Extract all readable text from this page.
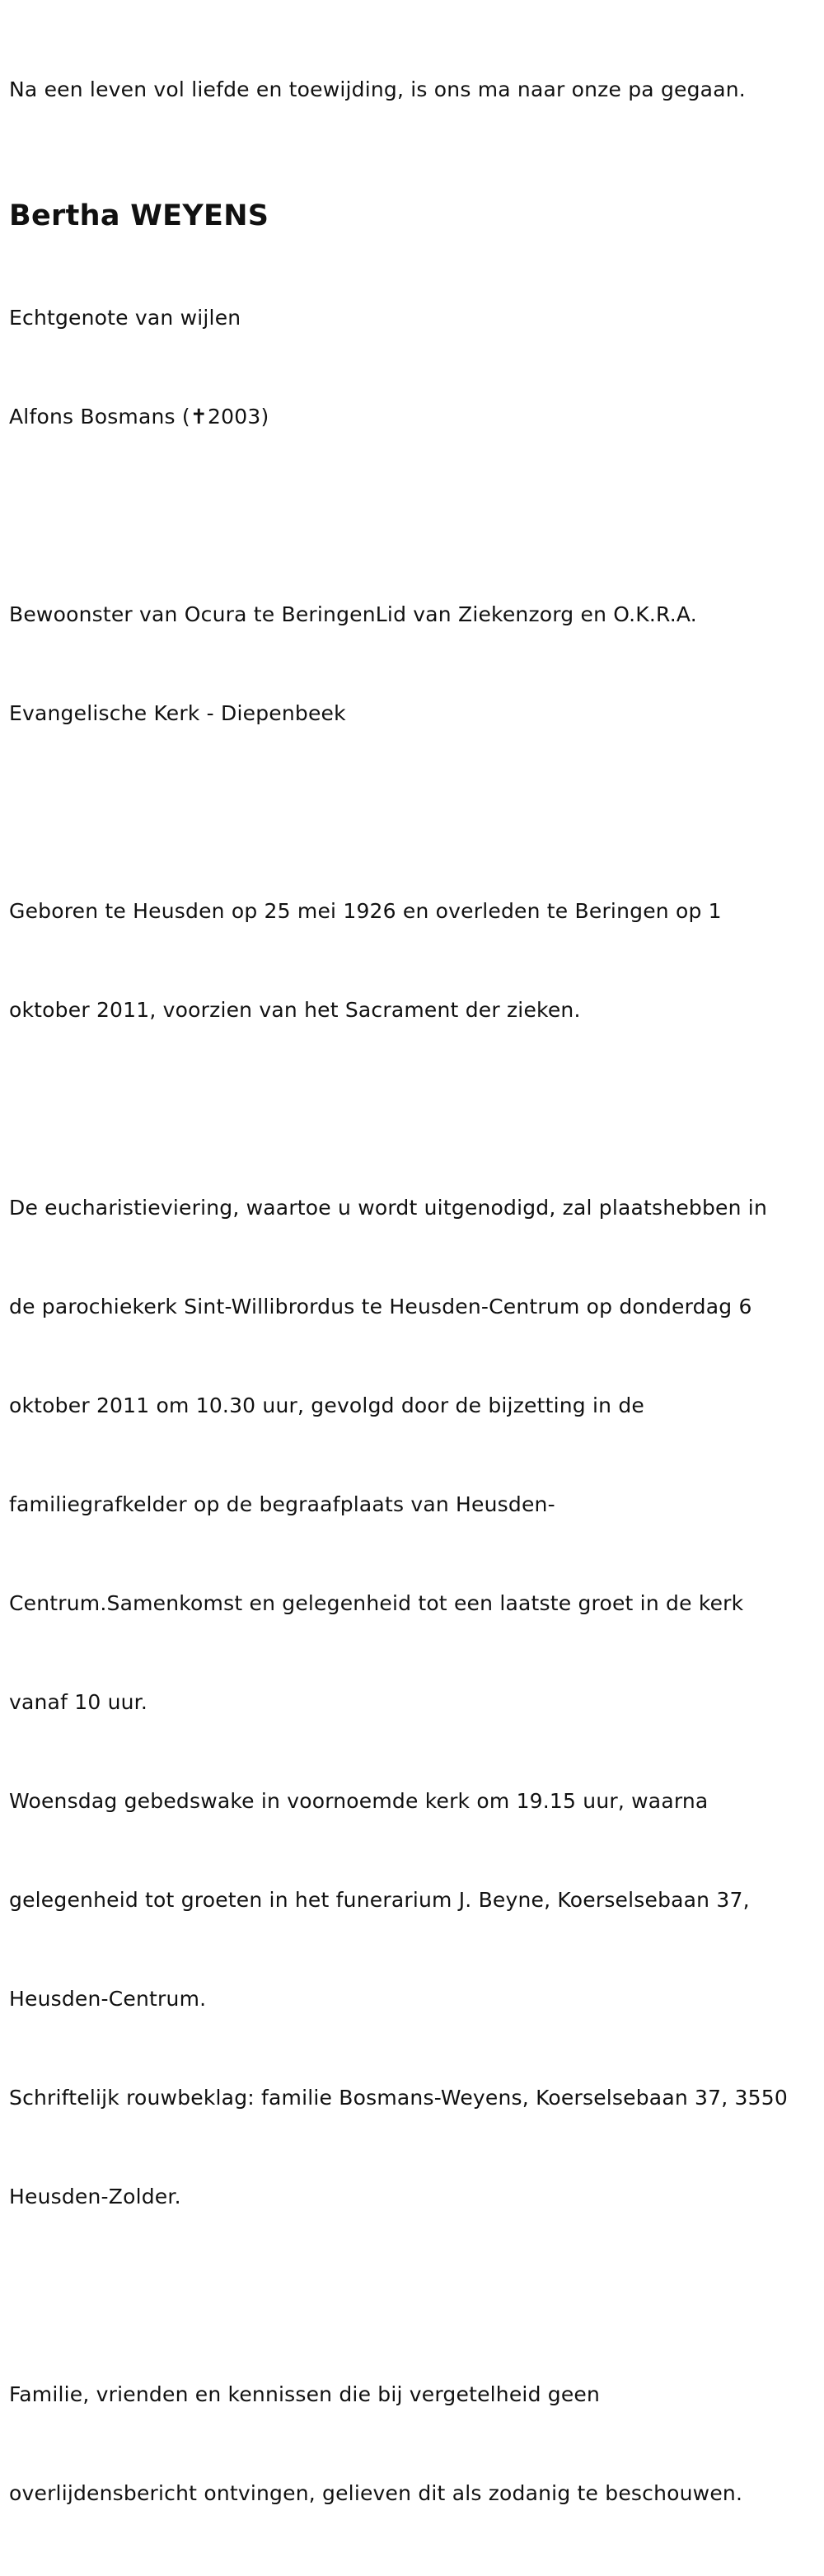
Na een leven vol liefde en toewijding, is ons ma naar onze pa gegaan.

Bertha WEYENS

Echtgenote van wijlen

Alfons Bosmans (✝2003)

Bewoonster van Ocura te BeringenLid van Ziekenzorg en O.K.R.A.

Evangelische Kerk - Diepenbeek

Geboren te Heusden op 25 mei 1926 en overleden te Beringen op 1

oktober 2011, voorzien van het Sacrament der zieken.

De eucharistieviering, waartoe u wordt uitgenodigd, zal plaatshebben in

de parochiekerk Sint-Willibrordus te Heusden-Centrum op donderdag 6

oktober 2011 om 10.30 uur, gevolgd door de bijzetting in de

familiegrafkelder op de begraafplaats van Heusden-

Centrum.Samenkomst en gelegenheid tot een laatste groet in de kerk

vanaf 10 uur.

Woensdag gebedswake in voornoemde kerk om 19.15 uur, waarna

gelegenheid tot groeten in het funerarium J. Beyne, Koerselsebaan 37,

Heusden-Centrum.

Schriftelijk rouwbeklag: familie Bosmans-Weyens, Koerselsebaan 37, 3550

Heusden-Zolder.

Familie, vrienden en kennissen die bij vergetelheid geen

overlijdensbericht ontvingen, gelieven dit als zodanig te beschouwen.
